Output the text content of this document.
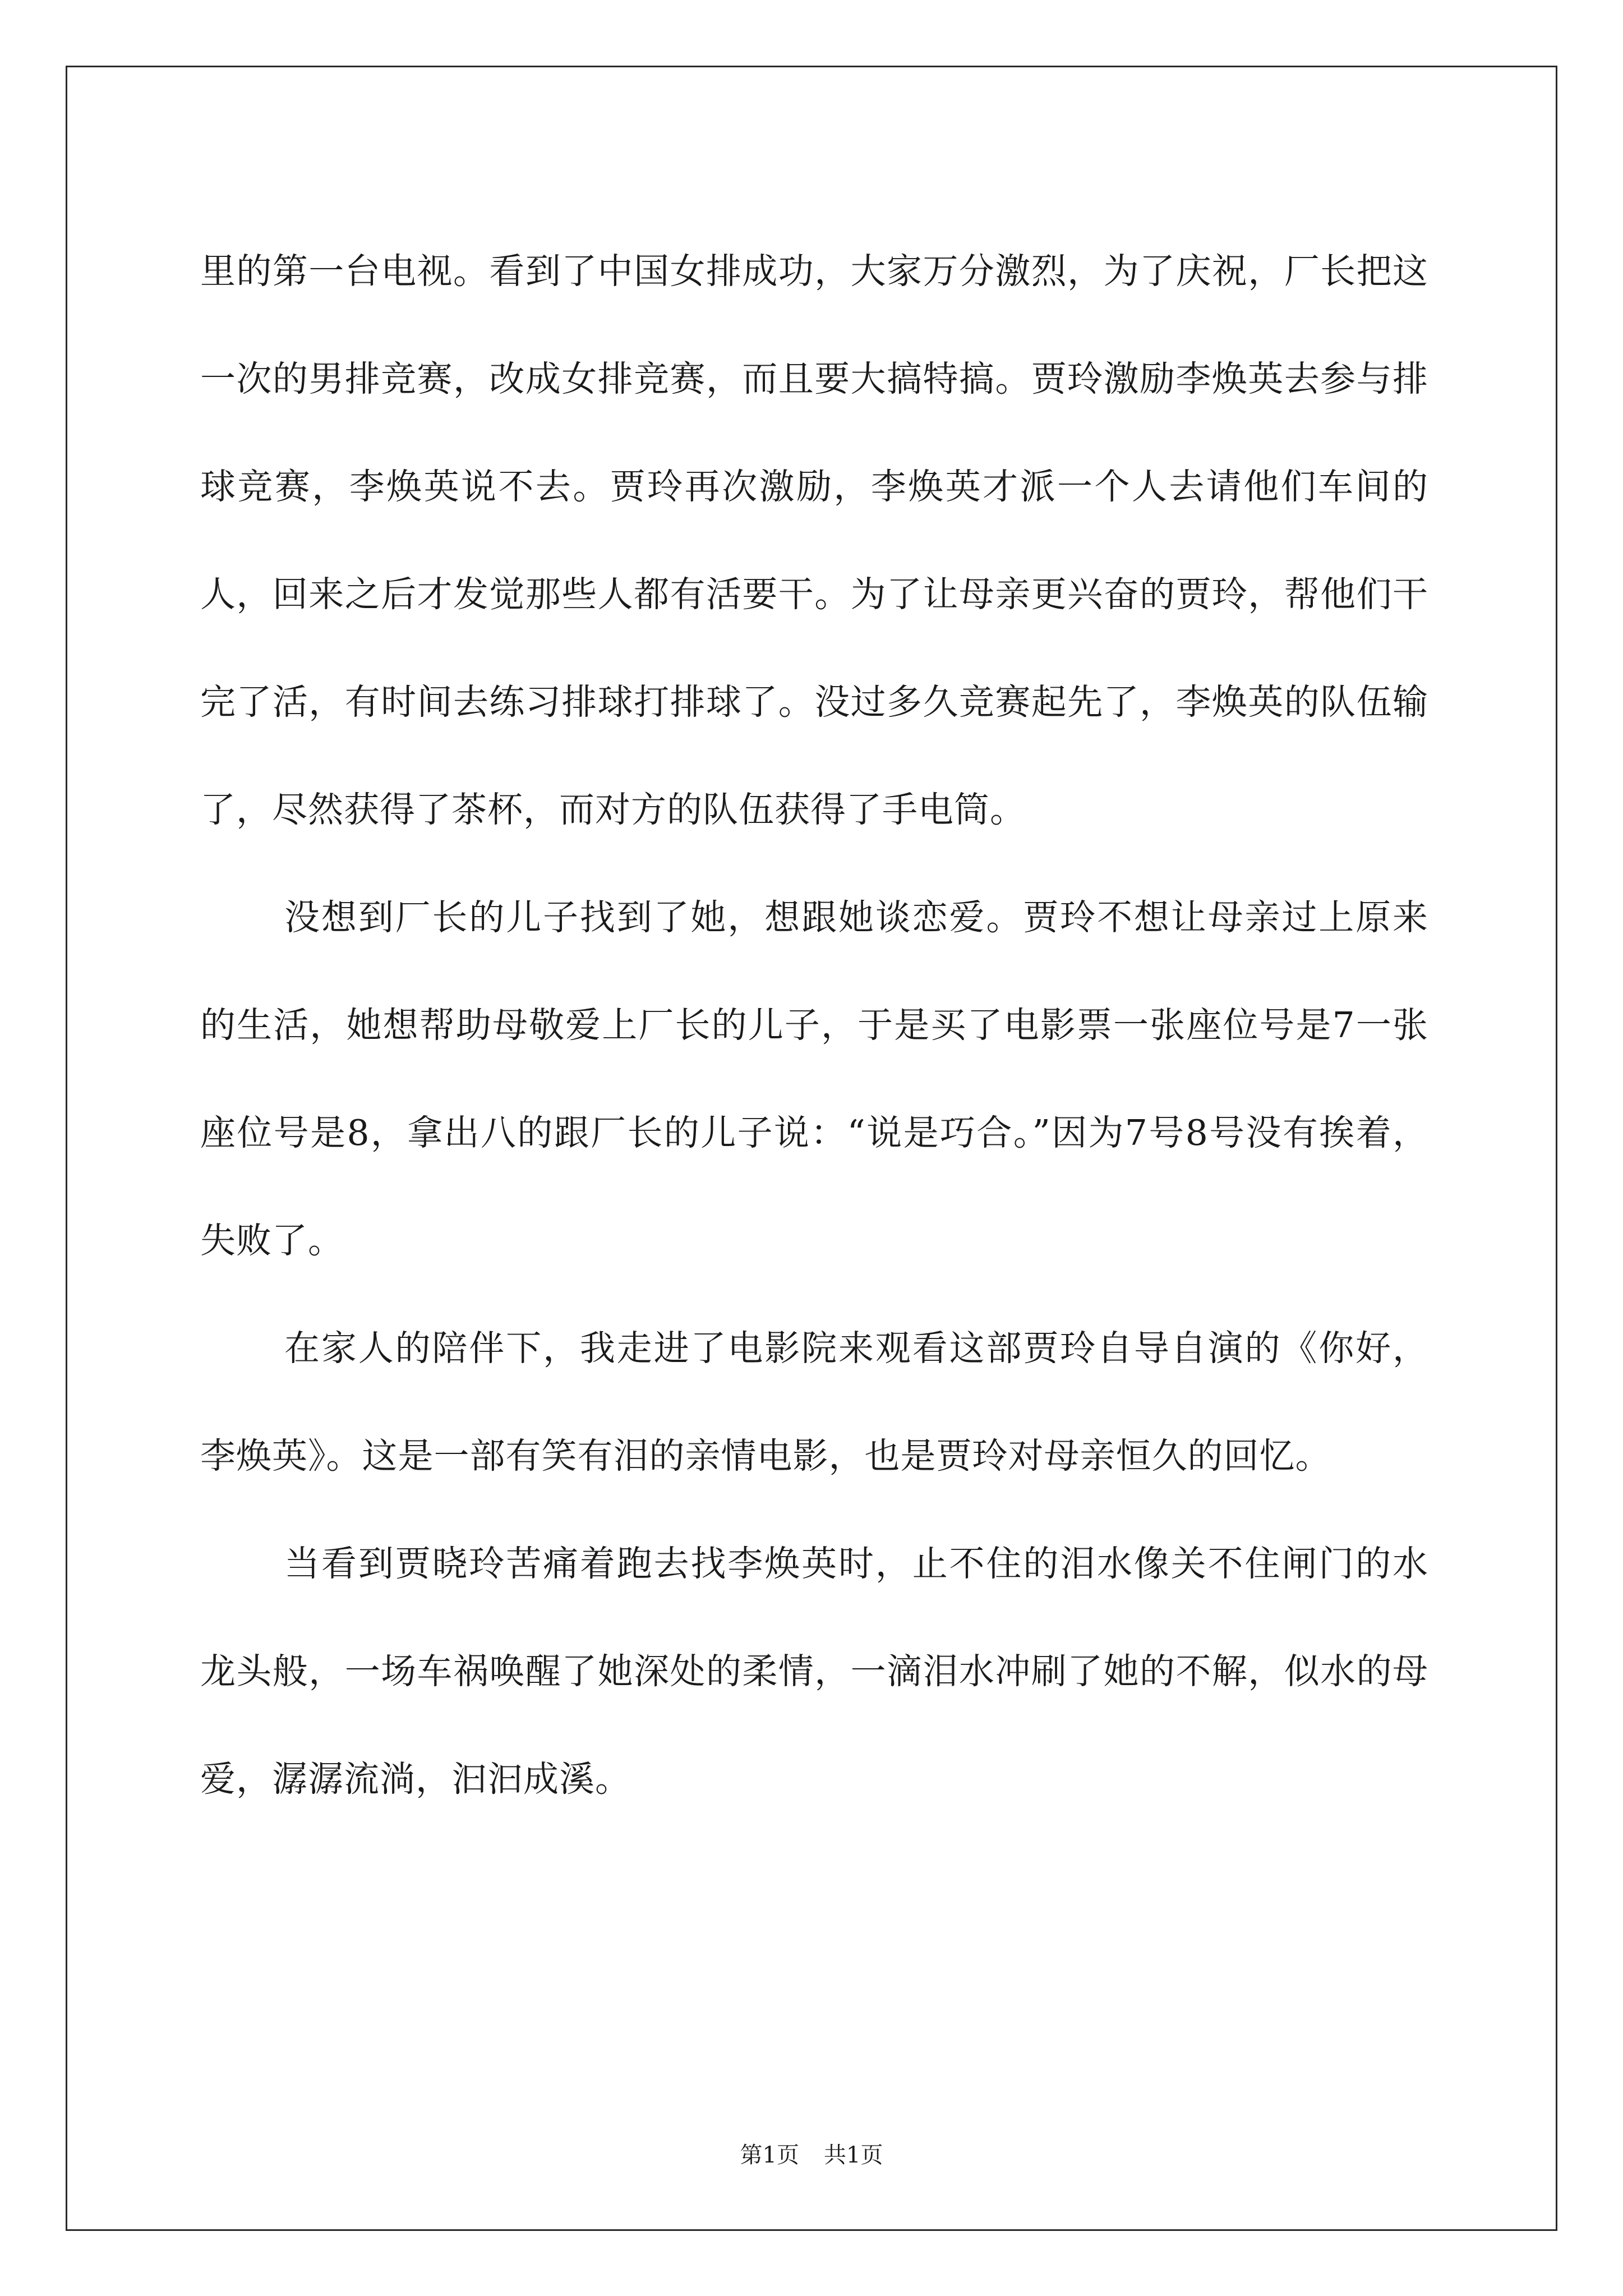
里的第一台电视。看到了中国女排成功，大家万分激烈，为了庆祝，厂长把这一次的男排竞赛，改成女排竞赛，而且要大搞特搞。贾玲激励李焕英去参与排球竞赛，李焕英说不去。贾玲再次激励，李焕英才派一个人去请他们车间的人，回来之后才发觉那些人都有活要干。为了让母亲更兴奋的贾玲，帮他们干完了活，有时间去练习排球打排球了。没过多久竞赛起先了，李焕英的队伍输了，尽然获得了茶杯，而对方的队伍获得了手电筒。

没想到厂长的儿子找到了她，想跟她谈恋爱。贾玲不想让母亲过上原来的生活，她想帮助母敬爱上厂长的儿子，于是买了电影票一张座位号是7一张座位号是8，拿出八的跟厂长的儿子说：“说是巧合。”因为7号8号没有挨着，失败了。

在家人的陪伴下，我走进了电影院来观看这部贾玲自导自演的《你好，李焕英》。这是一部有笑有泪的亲情电影，也是贾玲对母亲恒久的回忆。

当看到贾晓玲苦痛着跑去找李焕英时，止不住的泪水像关不住闸门的水龙头般，一场车祸唤醒了她深处的柔情，一滴泪水冲刷了她的不解，似水的母爱，潺潺流淌，汩汩成溪。

第1页 共1页
